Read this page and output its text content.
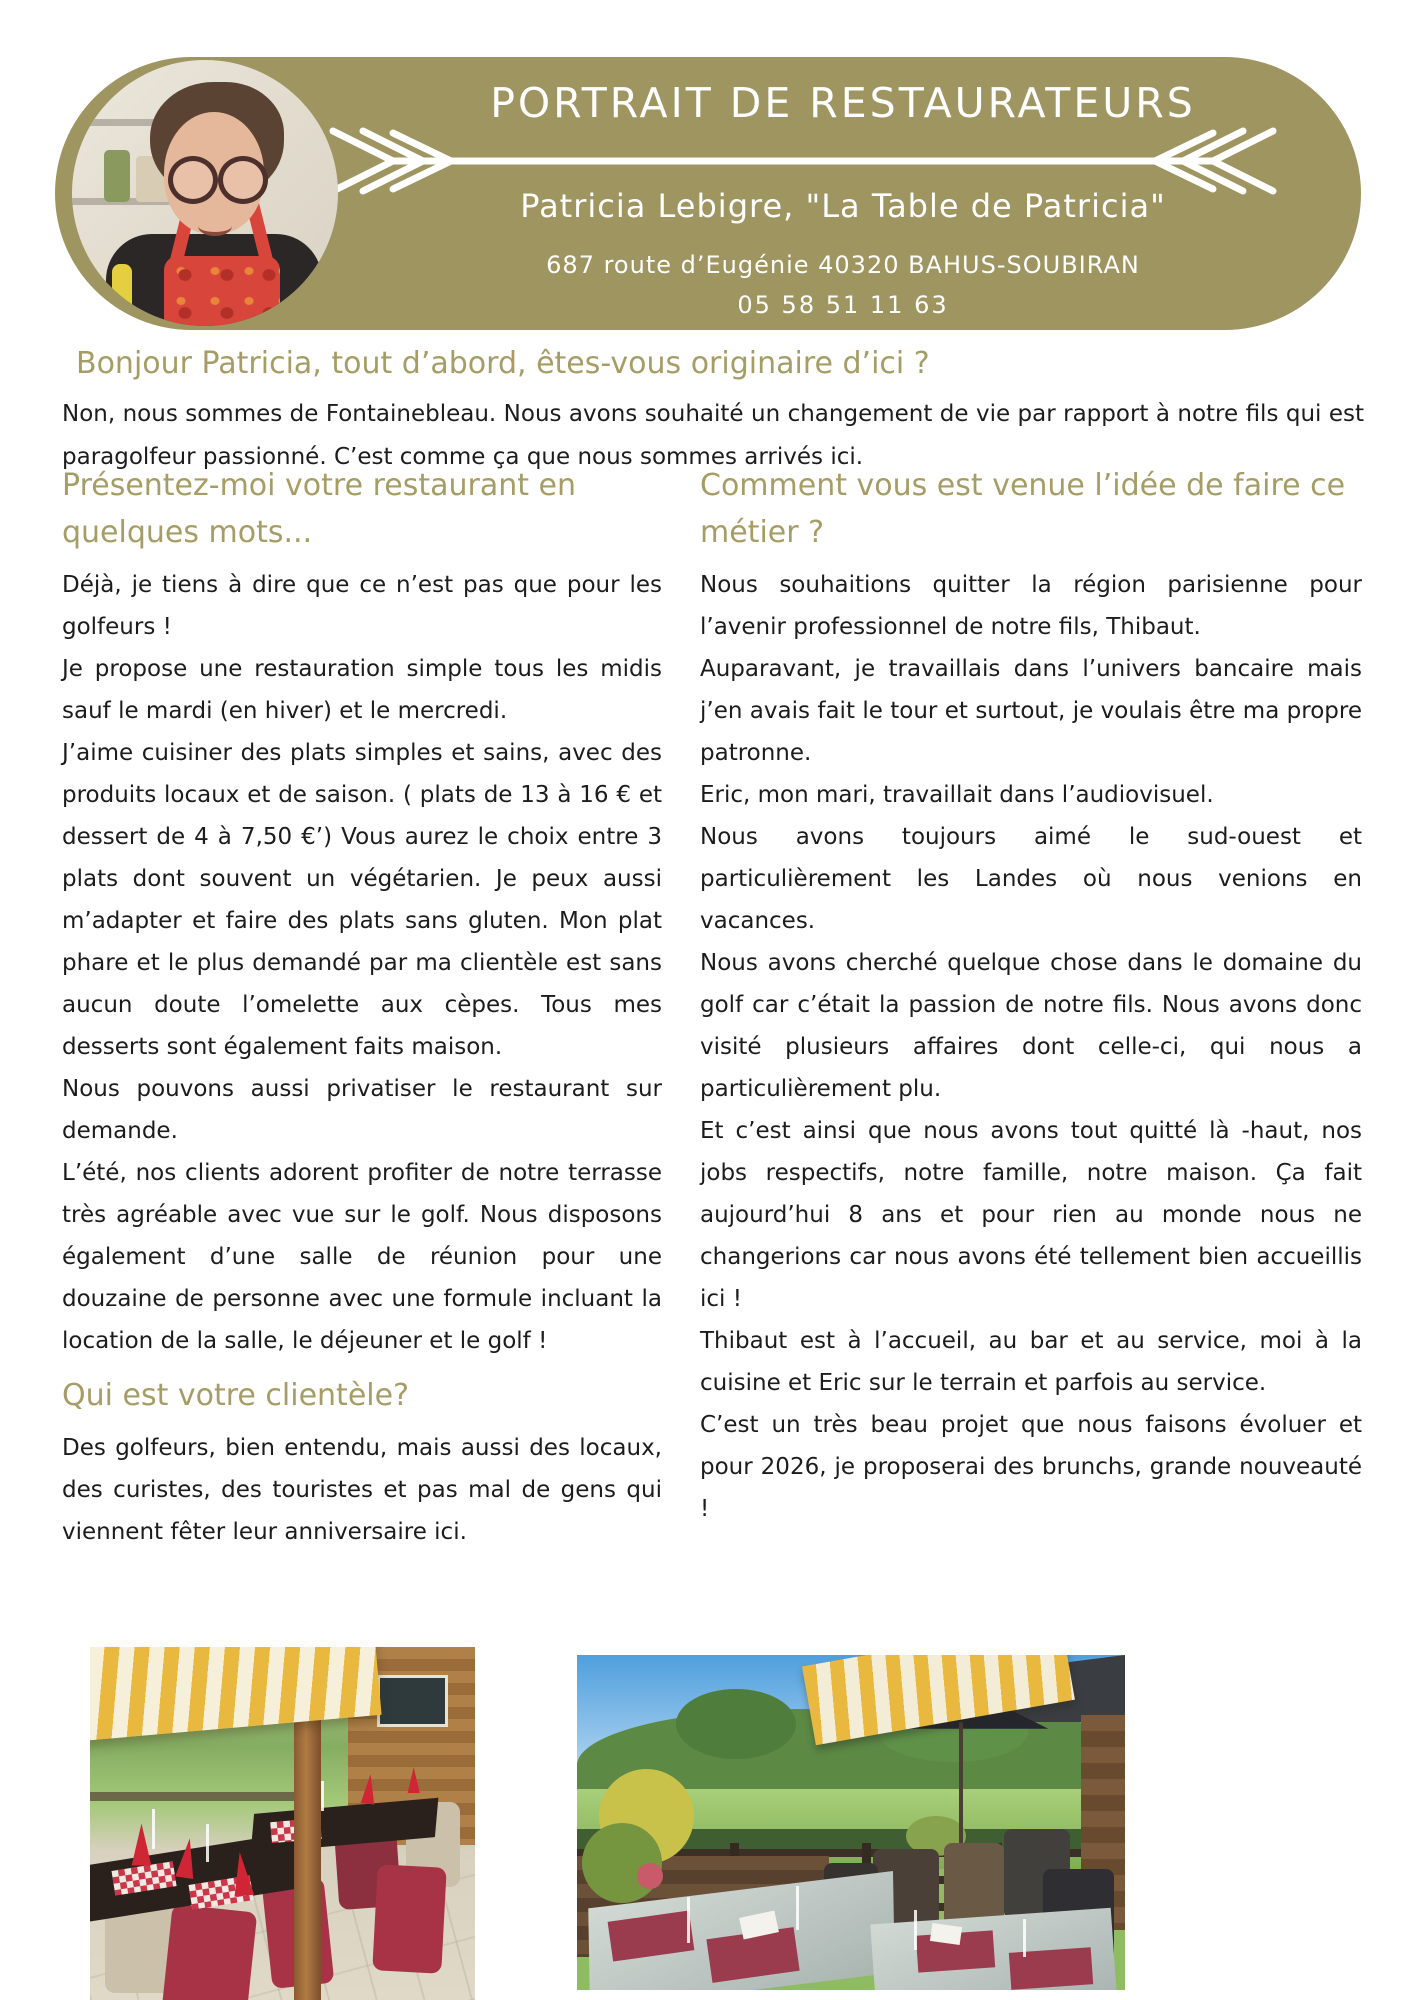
PORTRAIT DE RESTAURATEURS
Patricia Lebigre, "La Table de Patricia"
687 route d’Eugénie 40320 BAHUS-SOUBIRAN
05 58 51 11 63
Bonjour Patricia, tout d’abord, êtes-vous originaire d’ici ?

Non, nous sommes de Fontainebleau. Nous avons souhaité un changement de vie par rapport à notre fils qui est paragolfeur passionné. C’est comme ça que nous sommes arrivés ici.

Présentez-moi votre restaurant en quelques mots...

Déjà, je tiens à dire que ce n’est pas que pour les golfeurs !

Je propose une restauration simple tous les midis sauf le mardi (en hiver) et le mercredi.

J’aime cuisiner des plats simples et sains, avec des produits locaux et de saison. ( plats de 13 à 16 € et dessert de 4 à 7,50 €’) Vous aurez le choix entre 3 plats dont souvent un végétarien. Je peux aussi m’adapter et faire des plats sans gluten. Mon plat phare et le plus demandé par ma clientèle est sans aucun doute l’omelette aux cèpes. Tous mes desserts sont également faits maison.

Nous pouvons aussi privatiser le restaurant sur demande.

L’été, nos clients adorent profiter de notre terrasse très agréable avec vue sur le golf. Nous disposons également d’une salle de réunion pour une douzaine de personne avec une formule incluant la location de la salle, le déjeuner et le golf !

Qui est votre clientèle?

Des golfeurs, bien entendu, mais aussi des locaux, des curistes, des touristes et pas mal de gens qui viennent fêter leur anniversaire ici.

Comment vous est venue l’idée de faire ce métier ?

Nous souhaitions quitter la région parisienne pour l’avenir professionnel de notre fils, Thibaut.

Auparavant, je travaillais dans l’univers bancaire mais j’en avais fait le tour et surtout, je voulais être ma propre patronne.

Eric, mon mari, travaillait dans l’audiovisuel.

Nous avons toujours aimé le sud-ouest et particulièrement les Landes où nous venions en vacances.

Nous avons cherché quelque chose dans le domaine du golf car c’était la passion de notre fils. Nous avons donc visité plusieurs affaires dont celle-ci, qui nous a particulièrement plu.

Et c’est ainsi que nous avons tout quitté là -haut, nos jobs respectifs, notre famille, notre maison. Ça fait aujourd’hui 8 ans et pour rien au monde nous ne changerions car nous avons été tellement bien accueillis ici !

Thibaut est à l’accueil, au bar et au service, moi à la cuisine et Eric sur le terrain et parfois au service.

C’est un très beau projet que nous faisons évoluer et pour 2026, je proposerai des brunchs, grande nouveauté !
